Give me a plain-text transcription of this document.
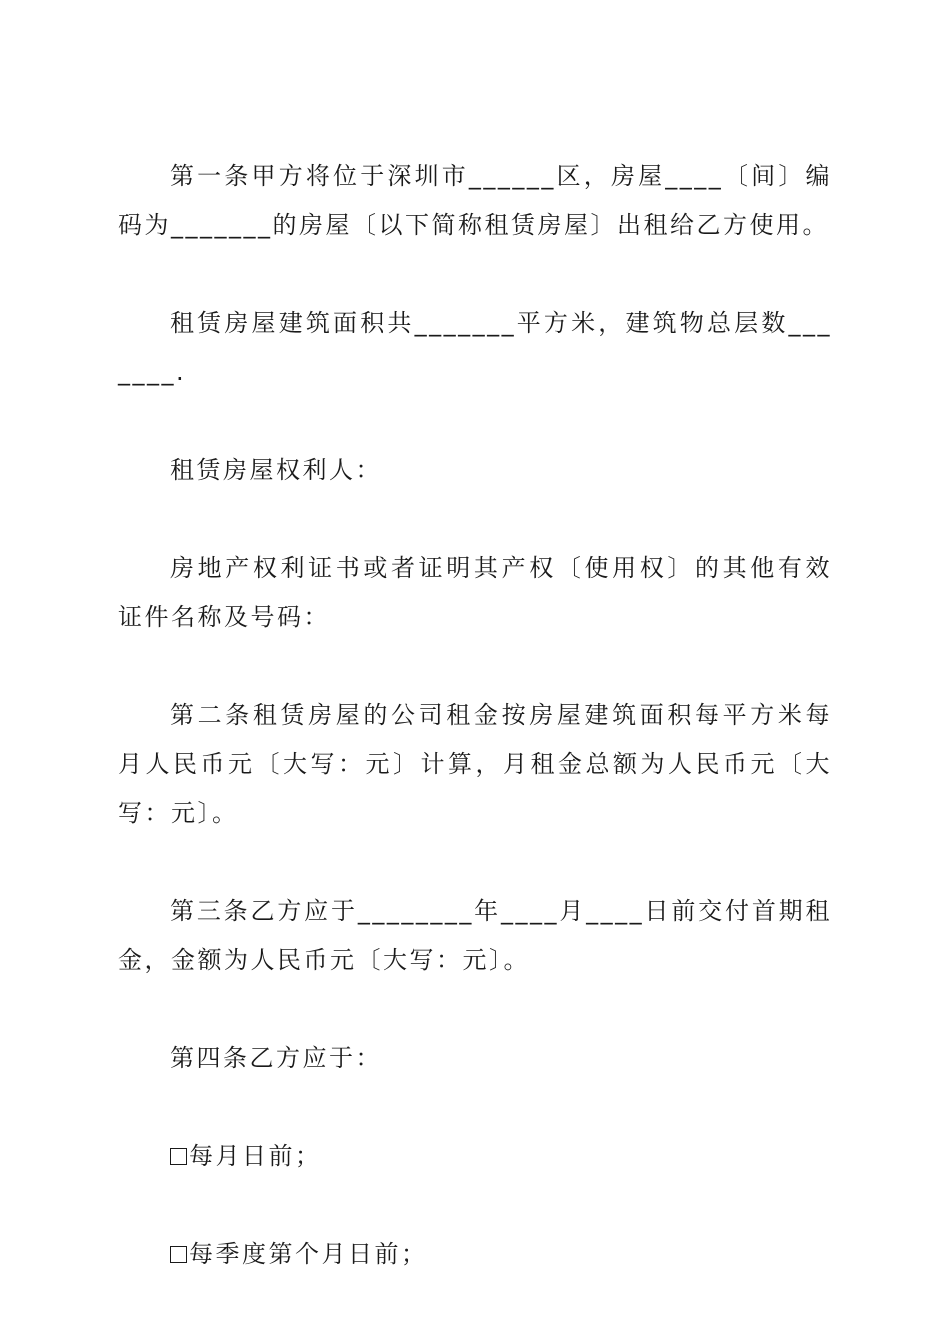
第一条甲方将位于深圳市______区，房屋____〔间〕编码为_______的房屋〔以下简称租赁房屋〕出租给乙方使用。

租赁房屋建筑面积共_______平方米，建筑物总层数_______.

租赁房屋权利人：

房地产权利证书或者证明其产权〔使用权〕的其他有效证件名称及号码：

第二条租赁房屋的公司租金按房屋建筑面积每平方米每月人民币元〔大写：元〕计算，月租金总额为人民币元〔大写：元〕。

第三条乙方应于________年____月____日前交付首期租金，金额为人民币元〔大写：元〕。

第四条乙方应于：

每月日前；

每季度第个月日前；
